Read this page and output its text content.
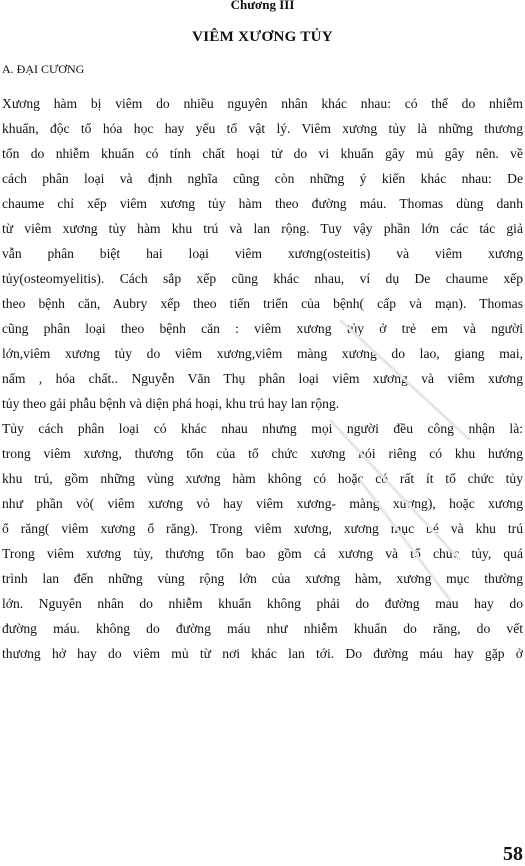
Chương III
VIÊM XƯƠNG TỦY
A. ĐẠI CƯƠNG
Xương hàm bị viêm do nhiều nguyên nhân khác nhau: có thể do nhiễm
khuẩn, độc tố hóa học hay yếu tố vật lý. Viêm xương tủy là những thương
tổn do nhiễm khuẩn có tính chất hoại tử do vi khuẩn gây mủ gây nên. về
cách phân loại và định nghĩa cũng còn những ý kiến khác nhau: De
chaume chỉ xếp viêm xương tủy hàm theo đường máu. Thomas dùng danh
từ viêm xương tủy hàm khu trú và lan rộng. Tuy vậy phần lớn các tác giả
vẫn phân biệt hai loại viêm xương(osteitis) và viêm xương
tủy(osteomyelitis). Cách sắp xếp cũng khác nhau, ví dụ De chaume xếp
theo bệnh căn, Aubry xếp theo tiến triển của bệnh( cấp và mạn). Thomas
cũng phân loại theo bệnh căn : viêm xương tủy ở trẻ em và người
lớn,viêm xương tủy do viêm xương,viêm màng xương do lao, giang mai,
nấm , hóa chất.. Nguyễn Văn Thụ phân loại viêm xương và viêm xương
tủy theo gải phẫu bệnh và diện phá hoại, khu trú hay lan rộng.
Tủy cách phân loại có khác nhau nhưng mọi người đều công nhận là:
trong viêm xương, thương tổn của tổ chức xương nói riêng có khu hướng
khu trú, gồm những vùng xương hàm không có hoặc có rất ít tổ chức tủy
như phần vỏ( viêm xương vỏ hay viêm xương- màng xương), hoặc xương
ổ răng( viêm xương ổ răng). Trong viêm xương, xương mục bé và khu trú
Trong viêm xương tủy, thương tổn bao gồm cả xương và tổ chức tủy, quá
trình lan đến những vùng rộng lớn của xương hàm, xương mục thường
lớn. Nguyên nhân do nhiễm khuẩn không phải do đường máu hay do
đường máu. không do đường máu như nhiễm khuẩn do răng, do vết
thương hở hay do viêm mủ từ nơi khác lan tới. Do đường máu hay gặp ở
58
